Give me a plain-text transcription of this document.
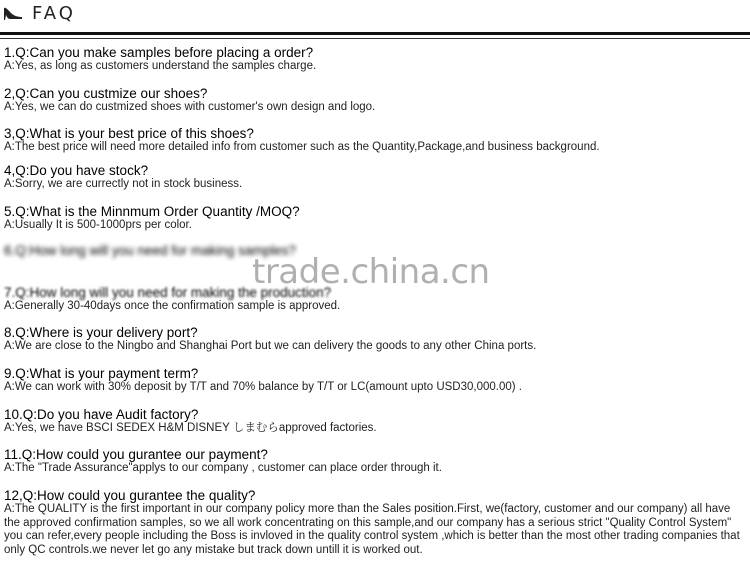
FAQ
1.Q:Can you make samples before placing a order?
A:Yes, as long as customers understand the samples charge.
2,Q:Can you custmize our shoes?
A:Yes, we can do custmized shoes with customer's own design and logo.
3,Q:What is your best price of this shoes?
A:The best price will need more detailed info from customer such as the Quantity,Package,and business background.
4,Q:Do you have stock?
A:Sorry, we are currectly not in stock business.
5.Q:What is the Minnmum Order Quantity /MOQ?
A:Usually It is 500-1000prs per color.
7.Q:How long will you need for making the production?
A:Generally 30-40days once the confirmation sample is approved.
8.Q:Where is your delivery port?
A:We are close to the Ningbo and Shanghai Port but we can delivery the goods to any other China ports.
9.Q:What is your payment term?
A:We can work with 30% deposit by T/T and 70% balance by T/T or LC(amount upto USD30,000.00) .
10.Q:Do you have Audit factory?
A:Yes, we have BSCI SEDEX H&M DISNEY しまむらapproved factories.
11.Q:How could you gurantee our payment?
A:The "Trade Assurance"applys to our company , customer can place order through it.
12,Q:How could you gurantee the quality?
A:The QUALITY is the first important in our company policy more than the Sales position.First, we(factory, customer and our company) all have the approved confirmation samples, so we all work concentrating on this sample,and our company has a serious strict "Quality Control System" you can refer,every people including the Boss is invloved in the quality control system ,which is better than the most other trading companies that only QC controls.we never let go any mistake but track down untill it is worked out.
6.Q:How long will you need for making samples?
trade.china.cn
